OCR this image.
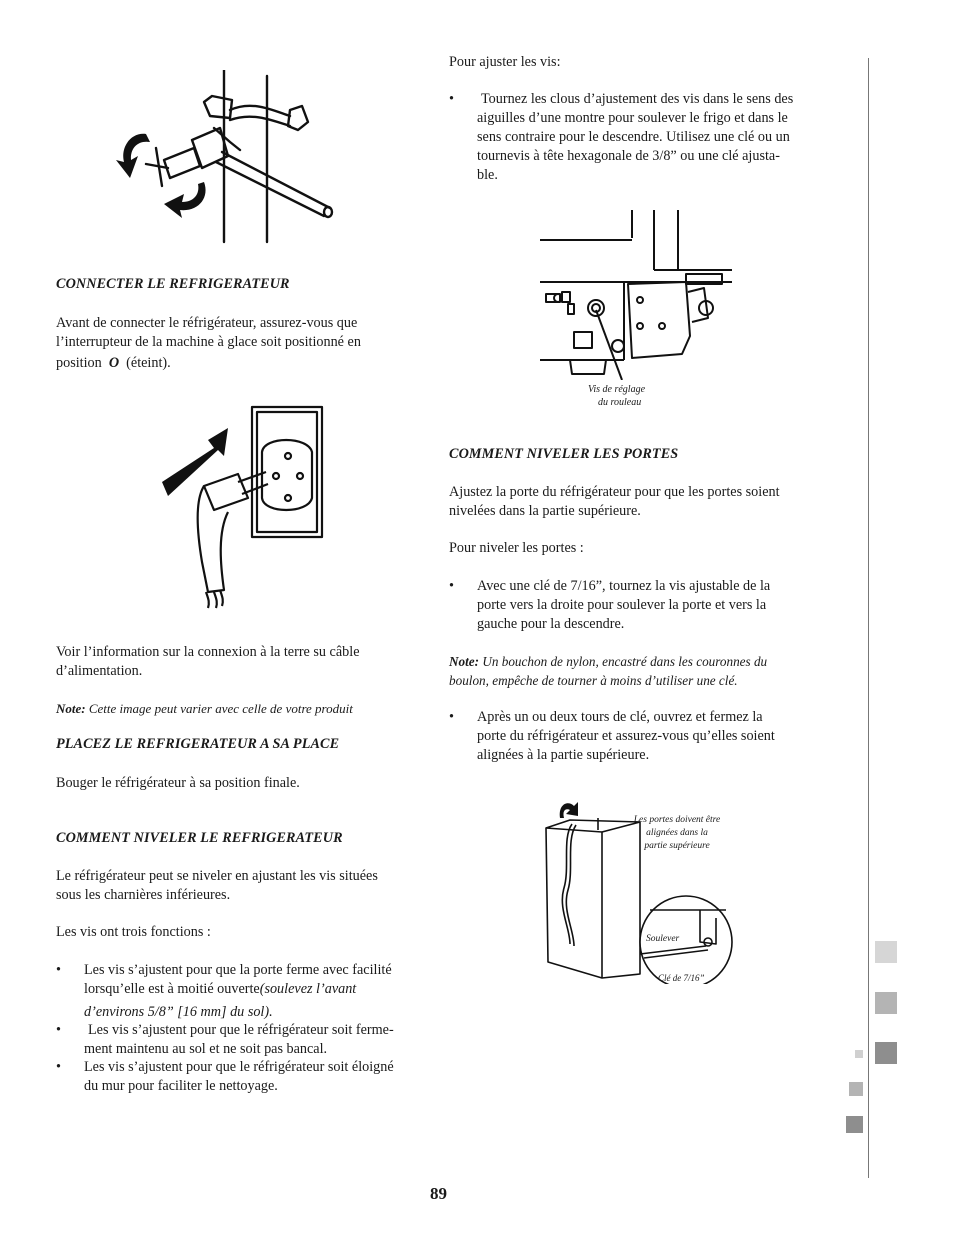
CONNECTER LE REFRIGERATEUR
Avant de connecter le réfrigérateur, assurez-vous que
l’interrupteur de la machine à glace soit positionné en
position O (éteint).
Voir l’information sur la connexion à la terre su câble
d’alimentation.
Note: Cette image peut varier avec celle de votre produit
PLACEZ LE REFRIGERATEUR A SA PLACE
Bouger le réfrigérateur à sa position finale.
COMMENT NIVELER LE REFRIGERATEUR
Le réfrigérateur peut se niveler en ajustant les vis situées
sous les charnières inférieures.
Les vis ont trois fonctions :
• Les vis s’ajustent pour que la porte ferme avec facilité
lorsqu’elle est à moitié ouverte(soulevez l’avant
d’environs 5/8” [16 mm] du sol).
• Les vis s’ajustent pour que le réfrigérateur soit ferme-
ment maintenu au sol et ne soit pas bancal.
• Les vis s’ajustent pour que le réfrigérateur soit éloigné
du mur pour faciliter le nettoyage.
Pour ajuster les vis:
• Tournez les clous d’ajustement des vis dans le sens des
aiguilles d’une montre pour soulever le frigo et dans le
sens contraire pour le descendre. Utilisez une clé ou un
tournevis à tête hexagonale de 3/8” ou une clé ajusta-
ble.
Vis de réglage
du rouleau
COMMENT NIVELER LES PORTES
Ajustez la porte du réfrigérateur pour que les portes soient
nivelées dans la partie supérieure.
Pour niveler les portes :
• Avec une clé de 7/16”, tournez la vis ajustable de la
porte vers la droite pour soulever la porte et vers la
gauche pour la descendre.
Note: Un bouchon de nylon, encastré dans les couronnes du
boulon, empêche de tourner à moins d’utiliser une clé.
• Après un ou deux tours de clé, ouvrez et fermez la
porte du réfrigérateur et assurez-vous qu’elles soient
alignées à la partie supérieure.
Les portes doivent être
alignées dans la
partie supérieure
Soulever
Clé de 7/16”
89
